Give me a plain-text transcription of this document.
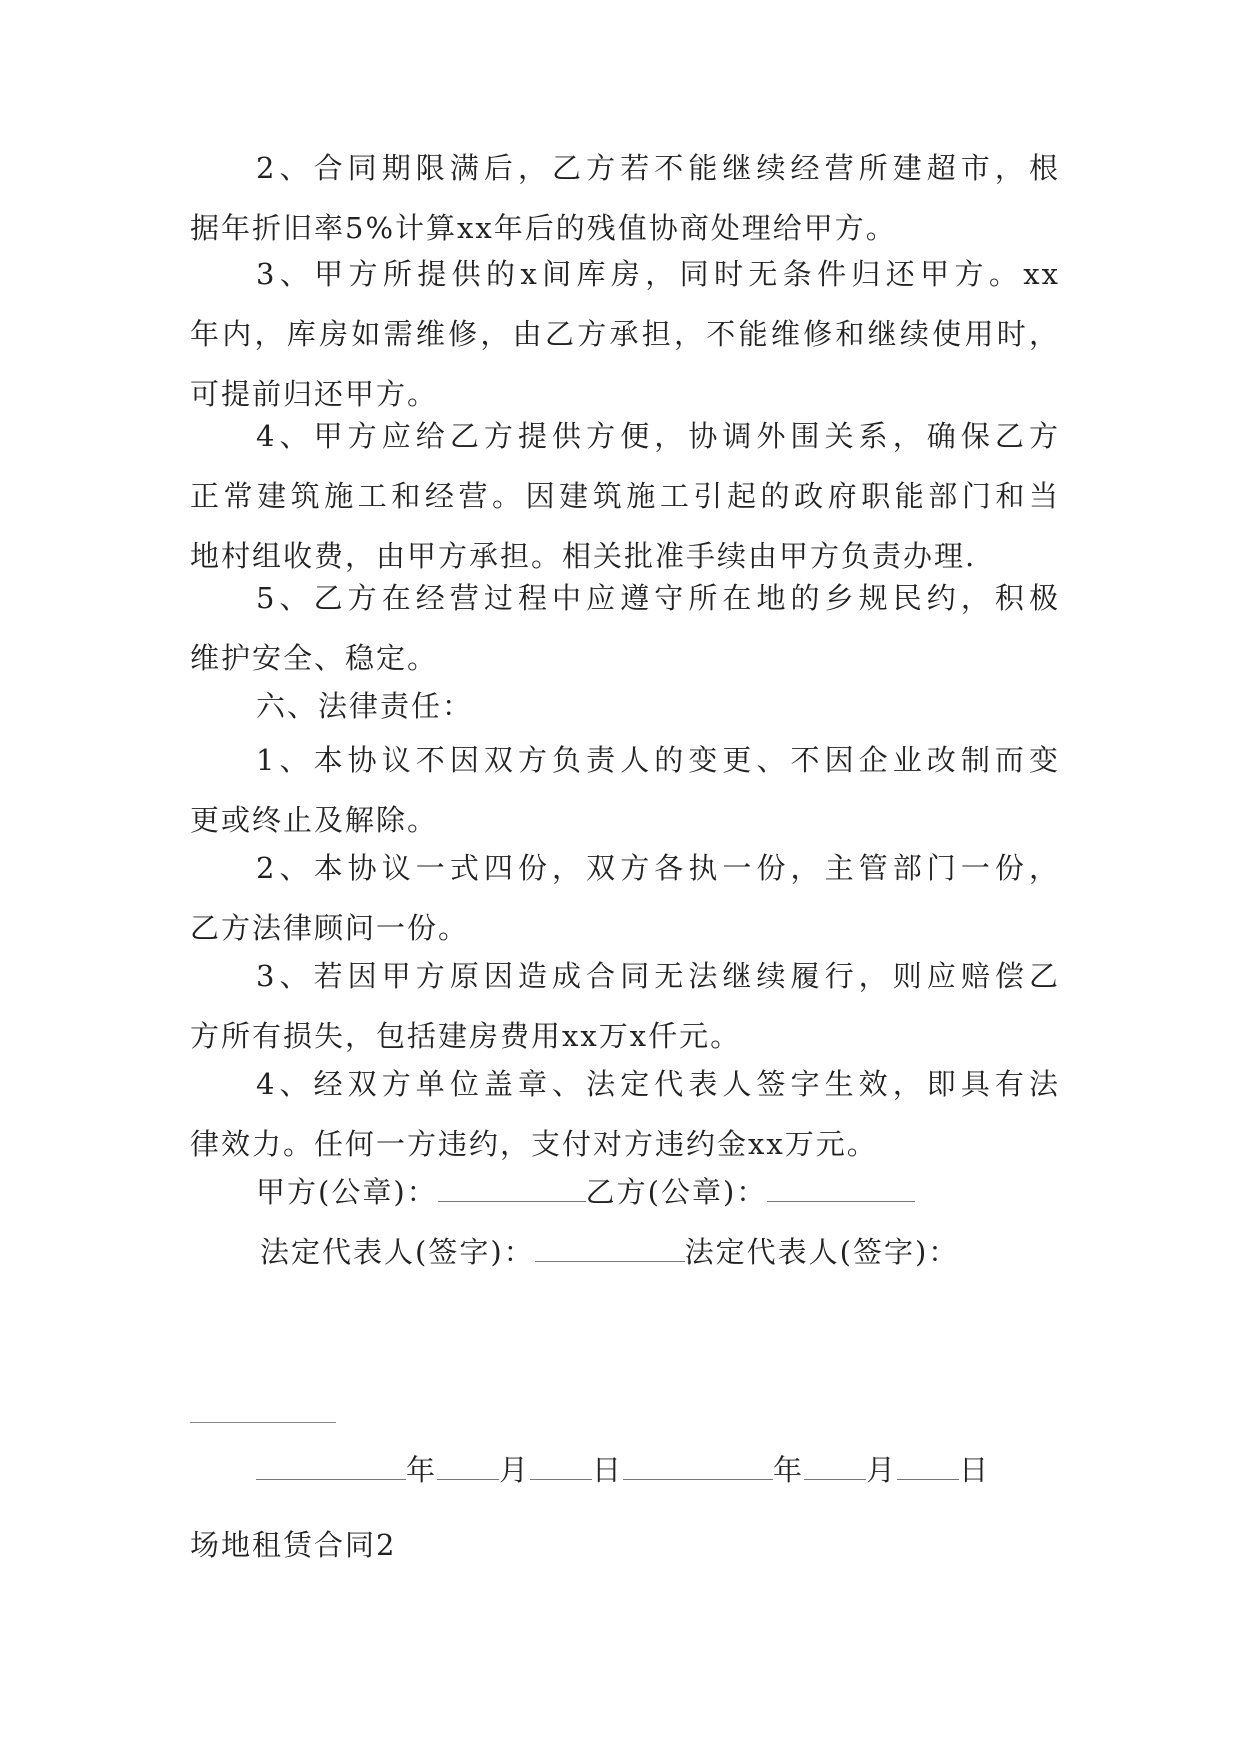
2、合同期限满后，乙方若不能继续经营所建超市，根
据年折旧率5%计算xx年后的残值协商处理给甲方。
3、甲方所提供的x间库房，同时无条件归还甲方。xx
年内，库房如需维修，由乙方承担，不能维修和继续使用时，
可提前归还甲方。
4、甲方应给乙方提供方便，协调外围关系，确保乙方
正常建筑施工和经营。因建筑施工引起的政府职能部门和当
地村组收费，由甲方承担。相关批准手续由甲方负责办理.
5、乙方在经营过程中应遵守所在地的乡规民约，积极
维护安全、稳定。
六、法律责任：
1、本协议不因双方负责人的变更、不因企业改制而变
更或终止及解除。
2、本协议一式四份，双方各执一份，主管部门一份，
乙方法律顾问一份。
3、若因甲方原因造成合同无法继续履行，则应赔偿乙
方所有损失，包括建房费用xx万x仟元。
4、经双方单位盖章、法定代表人签字生效，即具有法
律效力。任何一方违约，支付对方违约金xx万元。
甲方(公章)：	乙方(公章)：
法定代表人(签字)：	法定代表人(签字)：
年 月 日	年 月 日
场地租赁合同2
